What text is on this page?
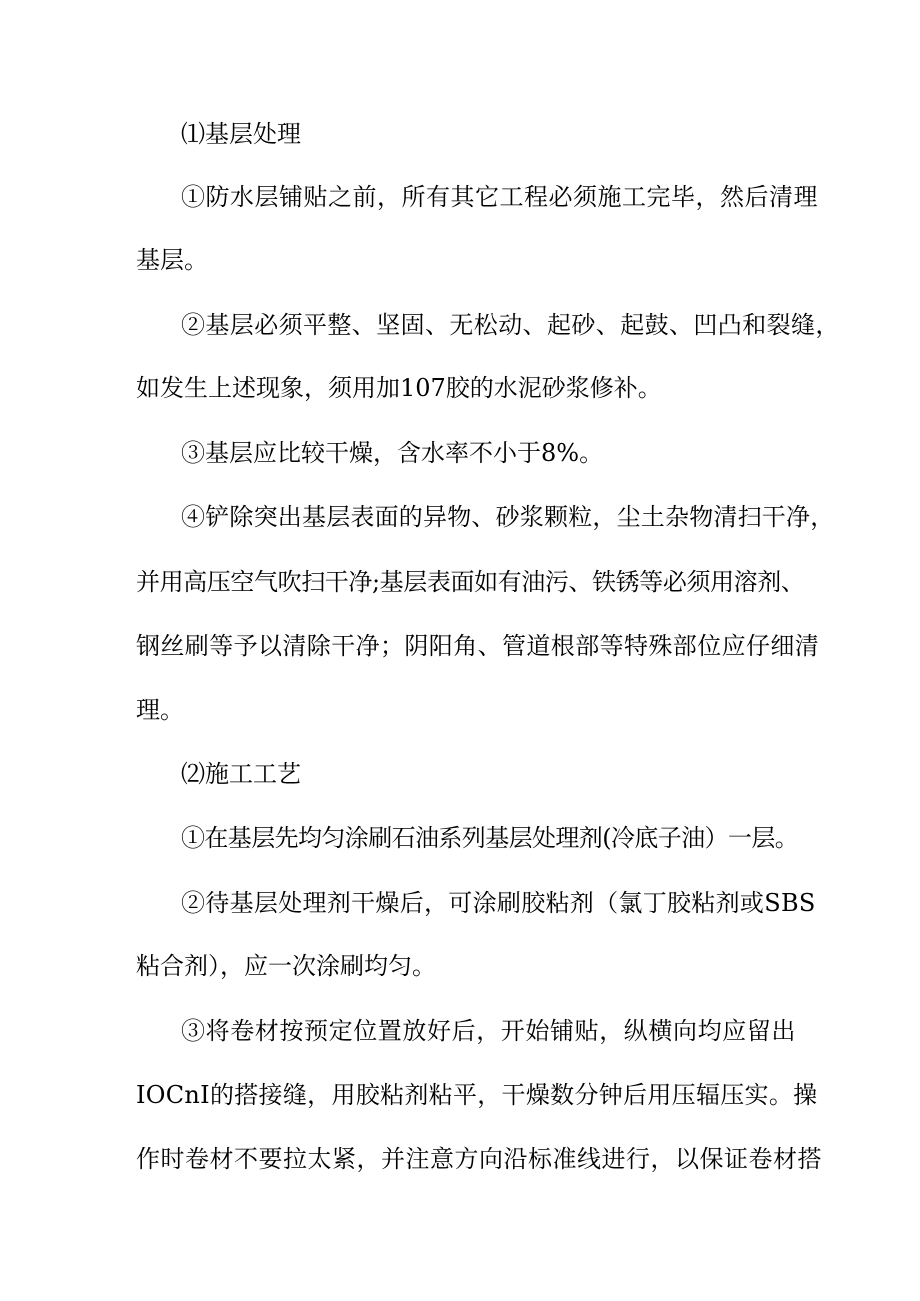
⑴基层处理
①防水层铺贴之前，所有其它工程必须施工完毕，然后清理
基层。
②基层必须平整、坚固、无松动、起砂、起鼓、凹凸和裂缝，
如发生上述现象，须用加107胶的水泥砂浆修补。
③基层应比较干燥，含水率不小于8%。
④铲除突出基层表面的异物、砂浆颗粒，尘土杂物清扫干净，
并用高压空气吹扫干净;基层表面如有油污、铁锈等必须用溶剂、
钢丝刷等予以清除干净；阴阳角、管道根部等特殊部位应仔细清
理。
⑵施工工艺
①在基层先均匀涂刷石油系列基层处理剂(冷底子油）一层。
②待基层处理剂干燥后，可涂刷胶粘剂（氯丁胶粘剂或SBS
粘合剂），应一次涂刷均匀。
③将卷材按预定位置放好后，开始铺贴，纵横向均应留出
IOCnI的搭接缝，用胶粘剂粘平，干燥数分钟后用压辐压实。操
作时卷材不要拉太紧，并注意方向沿标准线进行，以保证卷材搭
